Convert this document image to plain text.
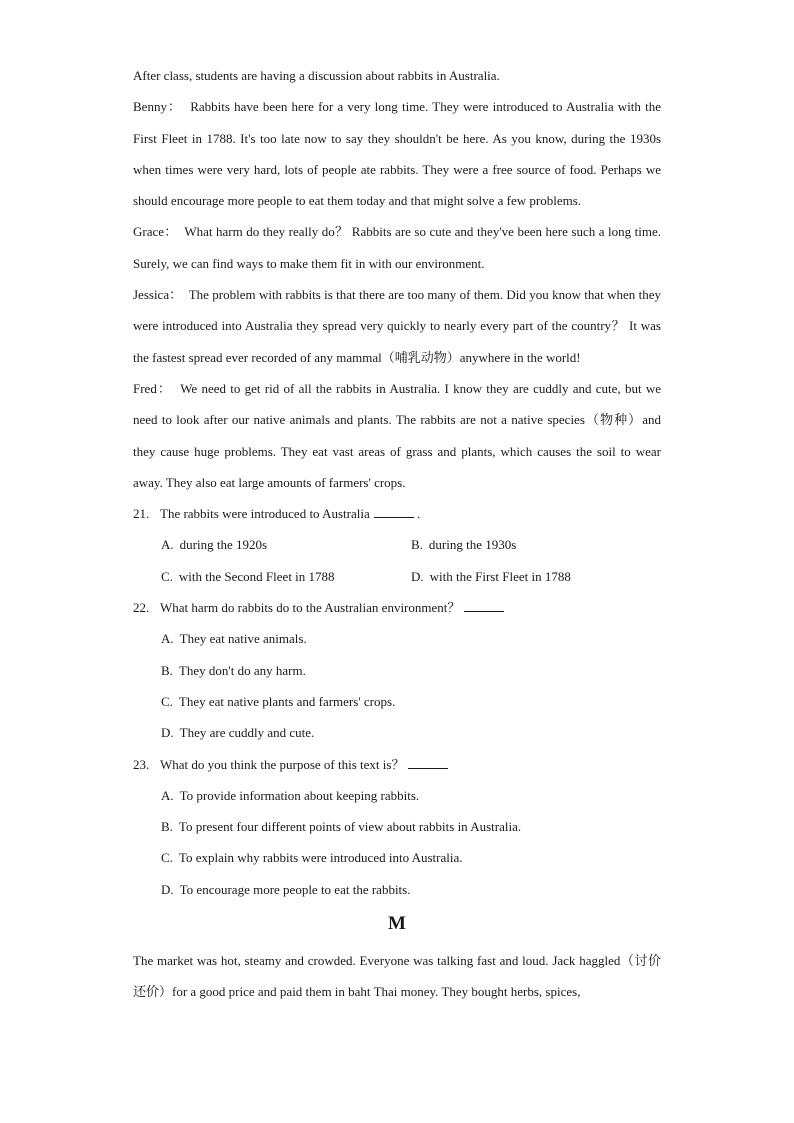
After class, students are having a discussion about rabbits in Australia.

Benny： Rabbits have been here for a very long time. They were introduced to Australia with the First Fleet in 1788. It's too late now to say they shouldn't be here. As you know, during the 1930s when times were very hard, lots of people ate rabbits. They were a free source of food. Perhaps we should encourage more people to eat them today and that might solve a few problems.

Grace： What harm do they really do？ Rabbits are so cute and they've been here such a long time. Surely, we can find ways to make them fit in with our environment.

Jessica： The problem with rabbits is that there are too many of them. Did you know that when they were introduced into Australia they spread very quickly to nearly every part of the country？ It was the fastest spread ever recorded of any mammal（哺乳动物）anywhere in the world!

Fred： We need to get rid of all the rabbits in Australia. I know they are cuddly and cute, but we need to look after our native animals and plants. The rabbits are not a native species（物种）and they cause huge problems. They eat vast areas of grass and plants, which causes the soil to wear away. They also eat large amounts of farmers' crops.

21. The rabbits were introduced to Australia	.
A. during the 1920s	B. during the 1930s
C. with the Second Fleet in 1788	D. with the First Fleet in 1788
22. What harm do rabbits do to the Australian environment？
A. They eat native animals.
B. They don't do any harm.
C. They eat native plants and farmers' crops.
D. They are cuddly and cute.
23. What do you think the purpose of this text is？
A. To provide information about keeping rabbits.
B. To present four different points of view about rabbits in Australia.
C. To explain why rabbits were introduced into Australia.
D. To encourage more people to eat the rabbits.
M

The market was hot, steamy and crowded. Everyone was talking fast and loud. Jack haggled（讨价还价）for a good price and paid them in baht Thai money. They bought herbs, spices,
